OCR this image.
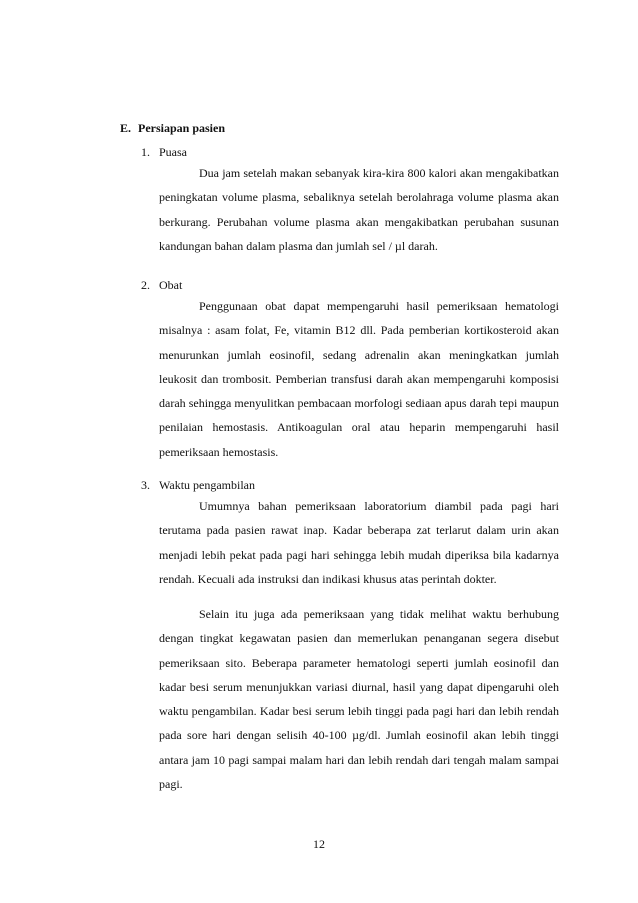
E. Persiapan pasien
1. Puasa
Dua jam setelah makan sebanyak kira-kira 800 kalori akan mengakibatkan peningkatan volume plasma, sebaliknya setelah berolahraga volume plasma akan berkurang. Perubahan volume plasma akan mengakibatkan perubahan susunan kandungan bahan dalam plasma dan jumlah sel / µl darah.
2. Obat
Penggunaan obat dapat mempengaruhi hasil pemeriksaan hematologi misalnya : asam folat, Fe, vitamin B12 dll. Pada pemberian kortikosteroid akan menurunkan jumlah eosinofil, sedang adrenalin akan meningkatkan jumlah leukosit dan trombosit. Pemberian transfusi darah akan mempengaruhi komposisi darah sehingga menyulitkan pembacaan morfologi sediaan apus darah tepi maupun penilaian hemostasis. Antikoagulan oral atau heparin mempengaruhi hasil pemeriksaan hemostasis.
3. Waktu pengambilan
Umumnya bahan pemeriksaan laboratorium diambil pada pagi hari terutama pada pasien rawat inap. Kadar beberapa zat terlarut dalam urin akan menjadi lebih pekat pada pagi hari sehingga lebih mudah diperiksa bila kadarnya rendah. Kecuali ada instruksi dan indikasi khusus atas perintah dokter.
Selain itu juga ada pemeriksaan yang tidak melihat waktu berhubung dengan tingkat kegawatan pasien dan memerlukan penanganan segera disebut pemeriksaan sito. Beberapa parameter hematologi seperti jumlah eosinofil dan kadar besi serum menunjukkan variasi diurnal, hasil yang dapat dipengaruhi oleh waktu pengambilan. Kadar besi serum lebih tinggi pada pagi hari dan lebih rendah pada sore hari dengan selisih 40-100 µg/dl. Jumlah eosinofil akan lebih tinggi antara jam 10 pagi sampai malam hari dan lebih rendah dari tengah malam sampai pagi.
12
